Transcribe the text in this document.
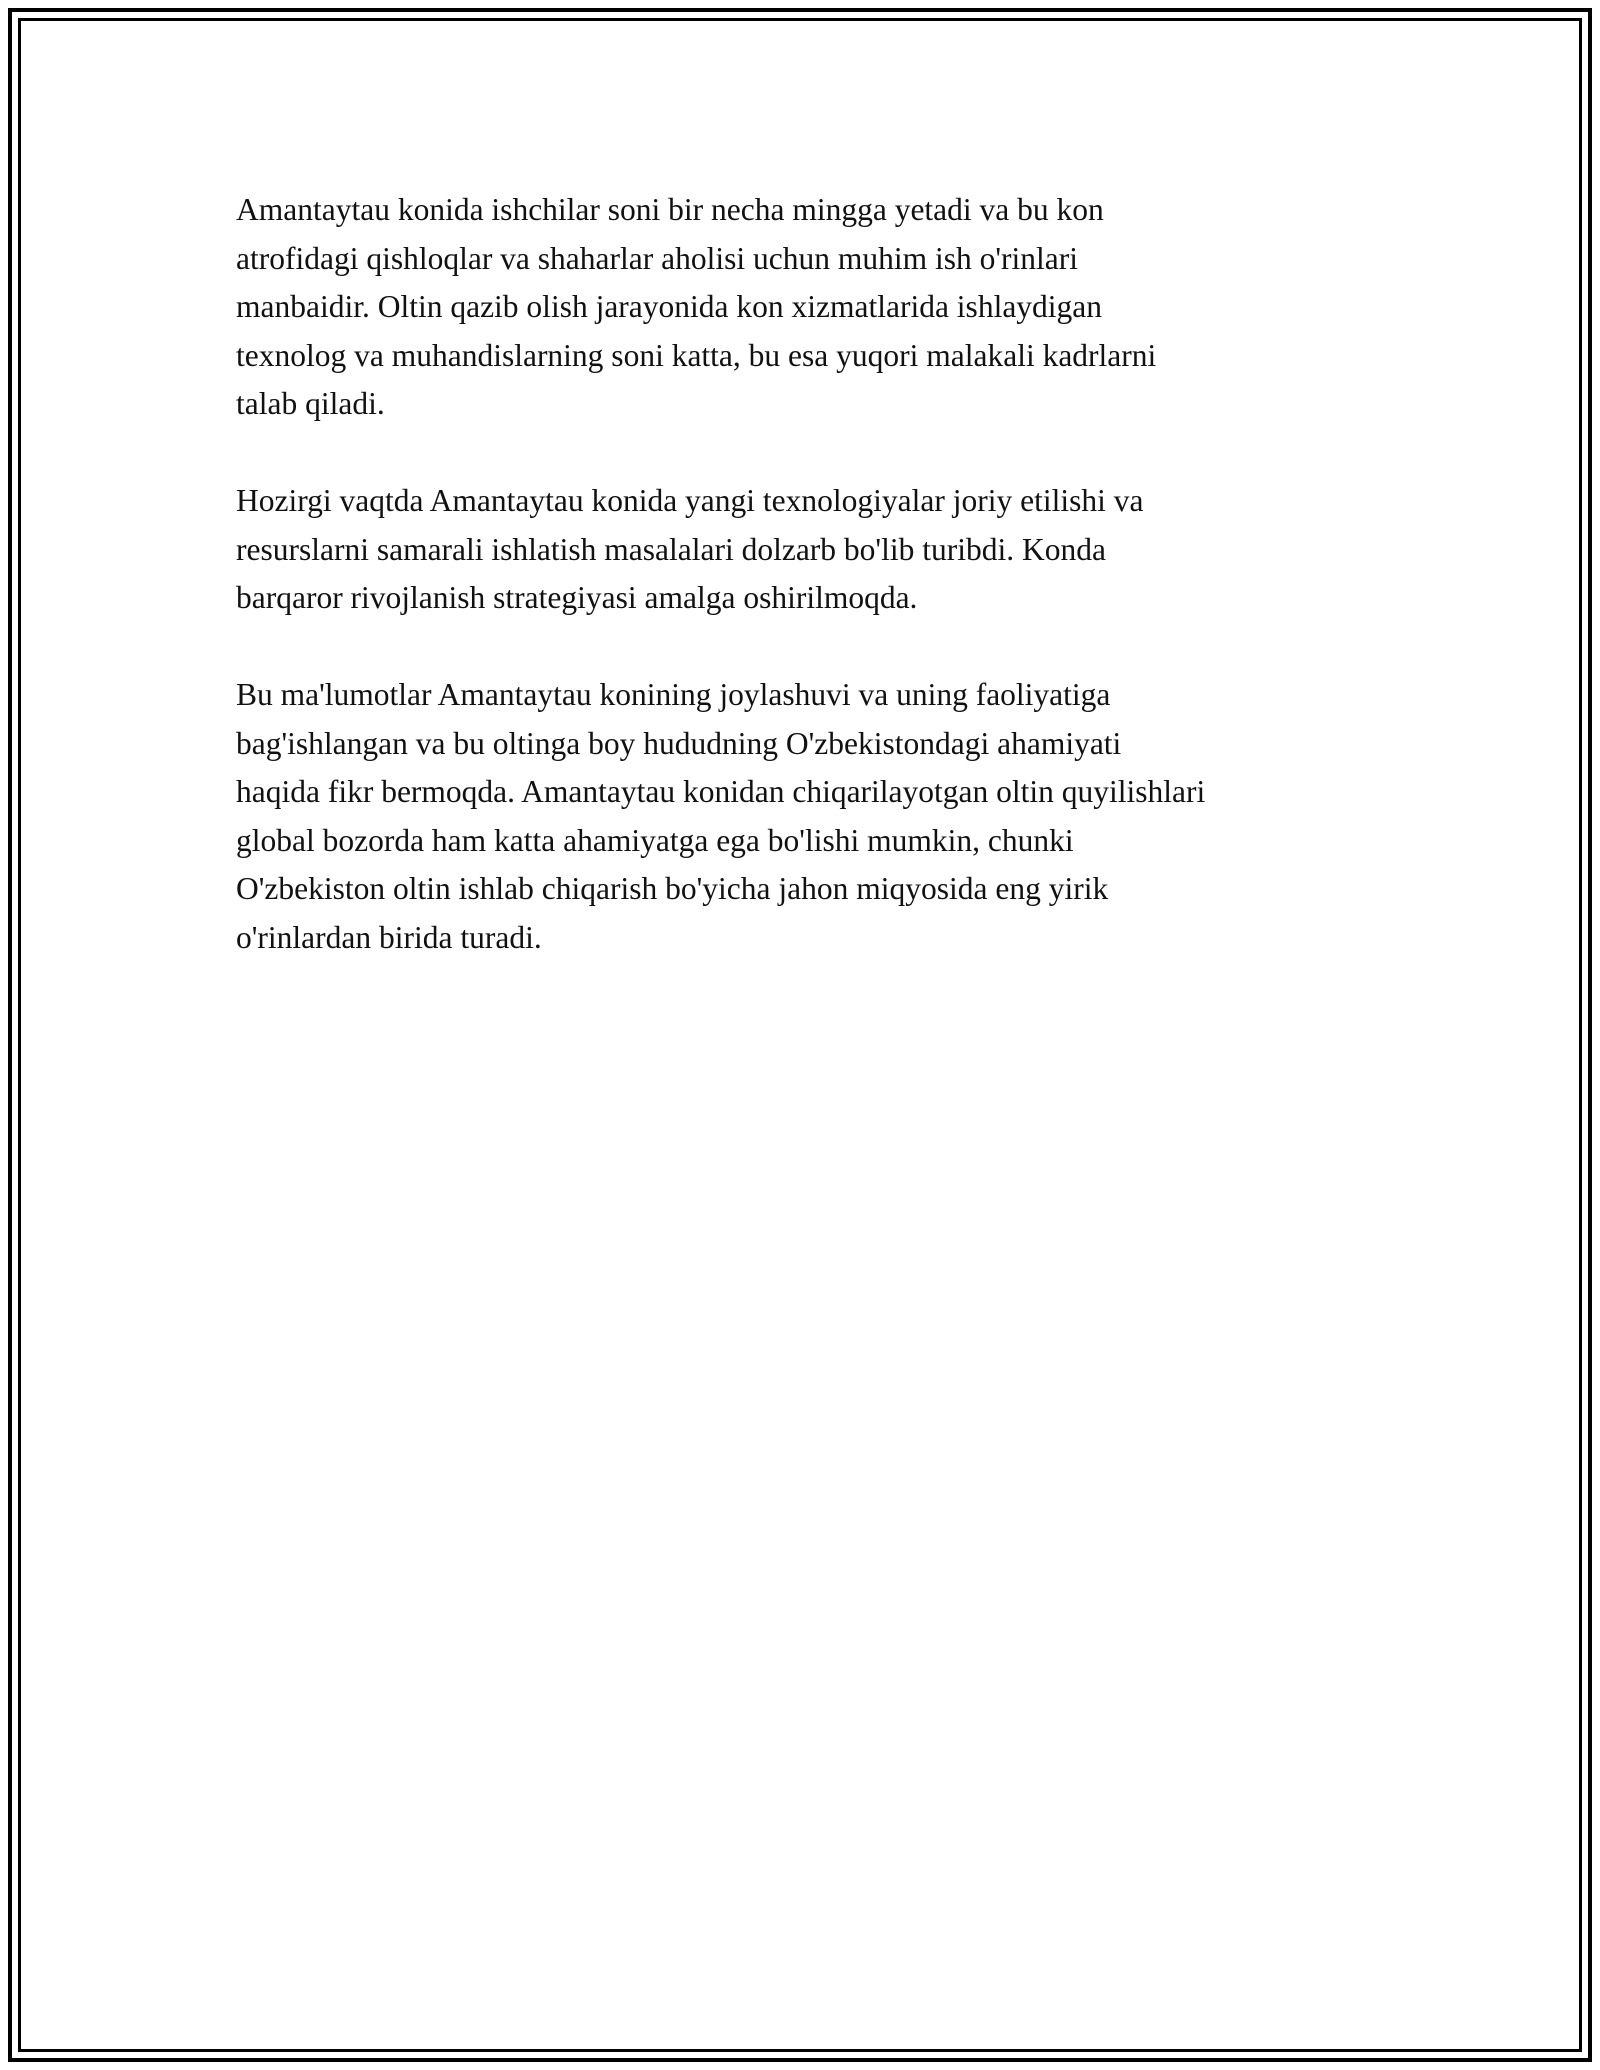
Amantaytau konida ishchilar soni bir necha mingga yetadi va bu kon
atrofidagi qishloqlar va shaharlar aholisi uchun muhim ish o'rinlari
manbaidir. Oltin qazib olish jarayonida kon xizmatlarida ishlaydigan
texnolog va muhandislarning soni katta, bu esa yuqori malakali kadrlarni
talab qiladi.

Hozirgi vaqtda Amantaytau konida yangi texnologiyalar joriy etilishi va
resurslarni samarali ishlatish masalalari dolzarb bo'lib turibdi. Konda
barqaror rivojlanish strategiyasi amalga oshirilmoqda.

Bu ma'lumotlar Amantaytau konining joylashuvi va uning faoliyatiga
bag'ishlangan va bu oltinga boy hududning O'zbekistondagi ahamiyati
haqida fikr bermoqda. Amantaytau konidan chiqarilayotgan oltin quyilishlari
global bozorda ham katta ahamiyatga ega bo'lishi mumkin, chunki
O'zbekiston oltin ishlab chiqarish bo'yicha jahon miqyosida eng yirik
o'rinlardan birida turadi.
